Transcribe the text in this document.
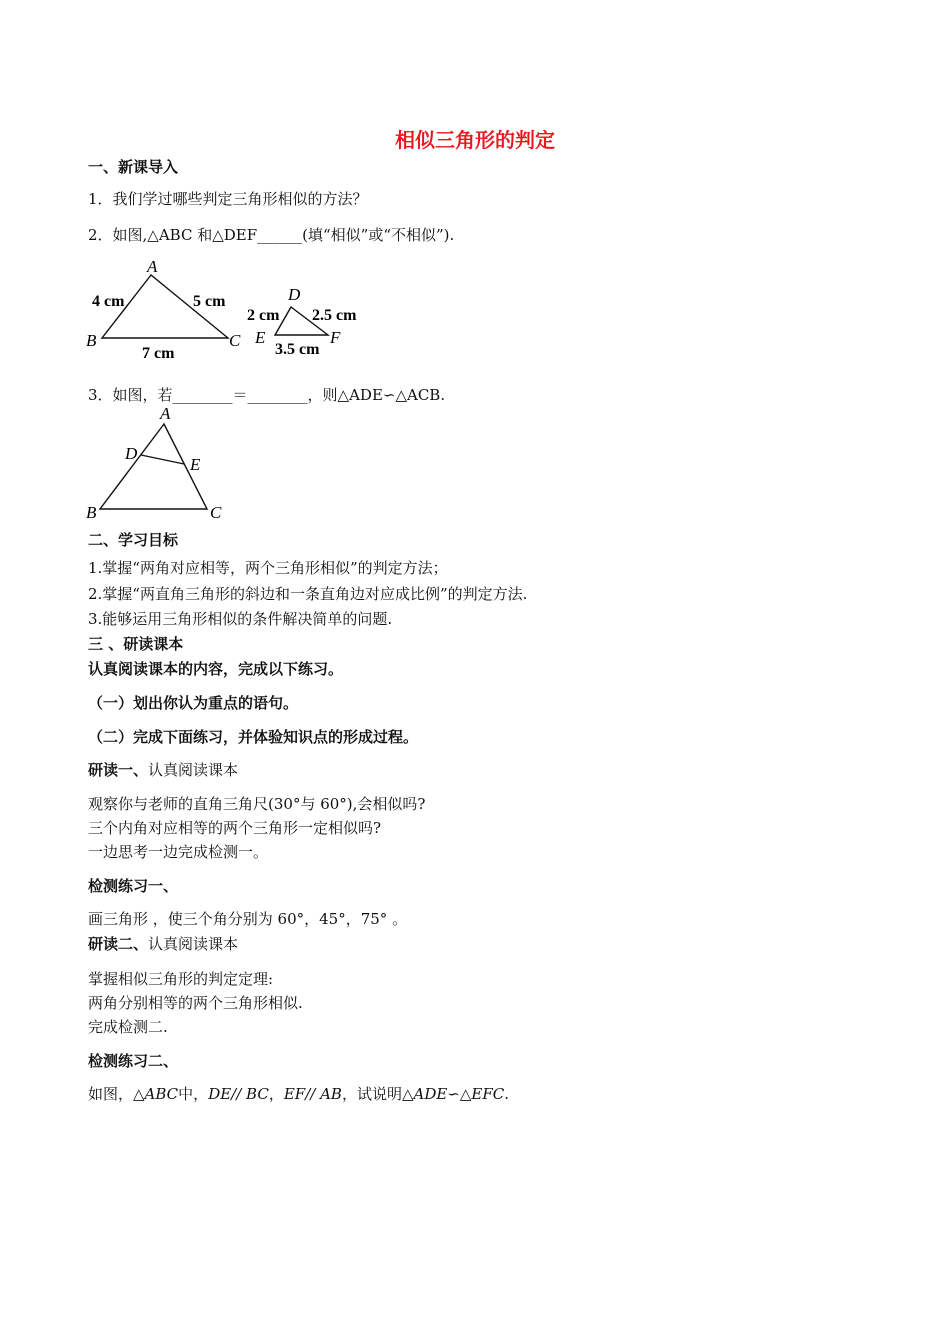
相似三角形的判定
一、新课导入
1．我们学过哪些判定三角形相似的方法？
2．如图,△ABC 和△DEF______(填“相似”或“不相似”).
A
B	C
4 cm	5 cm
7 cm
D
E	F
2 cm 2.5 cm
3.5 cm
3．如图，若________＝________，则△ADE∽△ACB.
A
B	C
D
E
二、学习目标
1.掌握“两角对应相等，两个三角形相似”的判定方法；
2.掌握“两直角三角形的斜边和一条直角边对应成比例”的判定方法.
3.能够运用三角形相似的条件解决简单的问题.
三 、研读课本
认真阅读课本的内容，完成以下练习。
（一）划出你认为重点的语句。
（二）完成下面练习，并体验知识点的形成过程。
研读一、认真阅读课本
观察你与老师的直角三角尺(30°与 60°),会相似吗?
三个内角对应相等的两个三角形一定相似吗?
一边思考一边完成检测一。
检测练习一、
画三角形 ，使三个角分别为 60°，45°，75° 。
研读二、认真阅读课本
掌握相似三角形的判定定理:
两角分别相等的两个三角形相似.
完成检测二.
检测练习二、
如图，△ABC中，DE// BC，EF// AB，试说明△ADE∽△EFC.
